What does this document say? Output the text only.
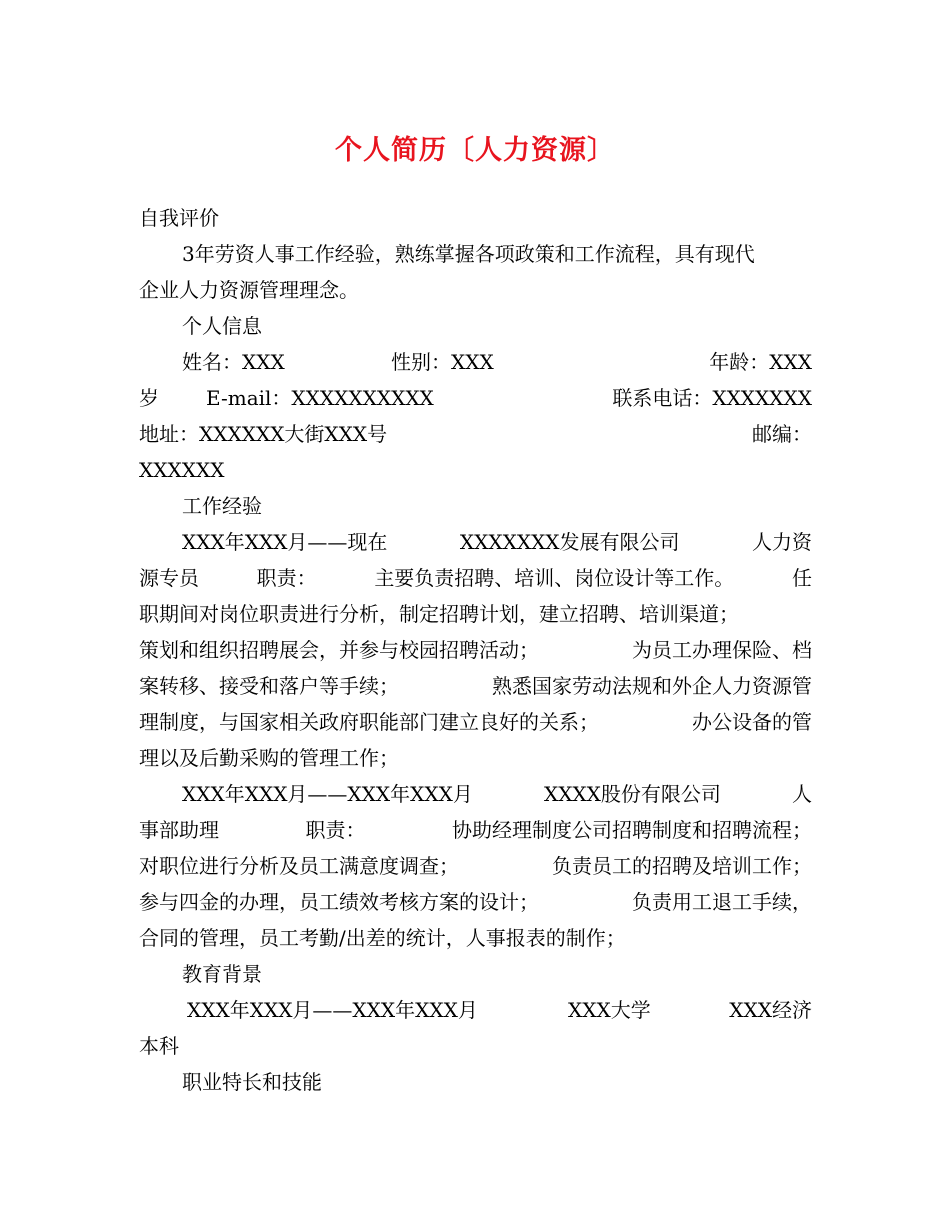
个人简历〔人力资源〕
自我评价
3年劳资人事工作经验，熟练掌握各项政策和工作流程，具有现代
企业人力资源管理理念。
个人信息
姓名：XXX	性别：XXX	年龄：XXX
岁 E-mail：XXXXXXXXXX	联系电话：XXXXXXX
地址：XXXXXX大街XXX号	邮编：
XXXXXX
工作经验
XXX年XXX月——现在	XXXXXXX发展有限公司	人力资
源专员	职责：	主要负责招聘、培训、岗位设计等工作。	任
职期间对岗位职责进行分析，制定招聘计划，建立招聘、培训渠道；
策划和组织招聘展会，并参与校园招聘活动；	为员工办理保险、档
案转移、接受和落户等手续；	熟悉国家劳动法规和外企人力资源管
理制度，与国家相关政府职能部门建立良好的关系；	办公设备的管
理以及后勤采购的管理工作；
XXX年XXX月——XXX年XXX月	XXXX股份有限公司	人
事部助理	职责：	协助经理制度公司招聘制度和招聘流程；
对职位进行分析及员工满意度调查；	负责员工的招聘及培训工作；
参与四金的办理，员工绩效考核方案的设计；	负责用工退工手续，
合同的管理，员工考勤/出差的统计，人事报表的制作；
教育背景
XXX年XXX月——XXX年XXX月	XXX大学	XXX经济
本科
职业特长和技能
